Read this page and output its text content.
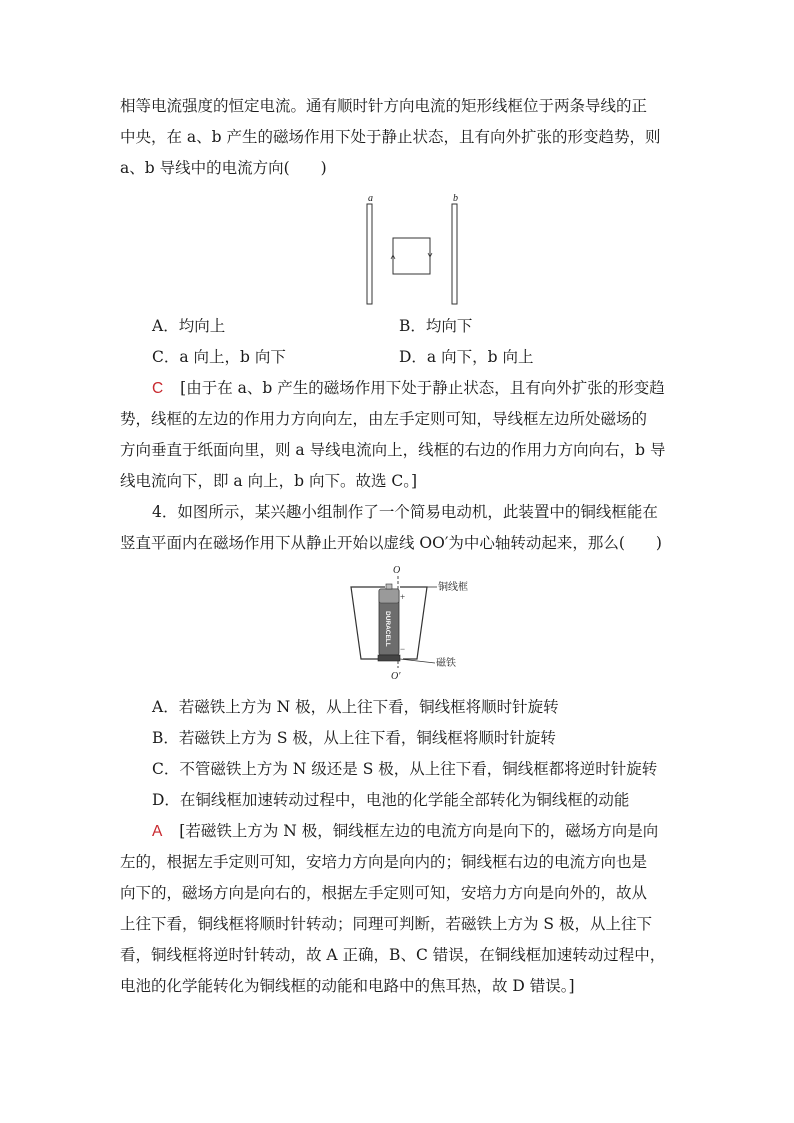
相等电流强度的恒定电流。通有顺时针方向电流的矩形线框位于两条导线的正
中央，在 a、b 产生的磁场作用下处于静止状态，且有向外扩张的形变趋势，则
a、b 导线中的电流方向(　　)
a	b
A．均向上	B．均向下
C．a 向上，b 向下	D．a 向下，b 向上
C [由于在 a、b 产生的磁场作用下处于静止状态，且有向外扩张的形变趋
势，线框的左边的作用力方向向左，由左手定则可知，导线框左边所处磁场的
方向垂直于纸面向里，则 a 导线电流向上，线框的右边的作用力方向向右，b 导
线电流向下，即 a 向上，b 向下。故选 C。]
4．如图所示，某兴趣小组制作了一个简易电动机，此装置中的铜线框能在
竖直平面内在磁场作用下从静止开始以虚线 OO′为中心轴转动起来，那么(　　)
O
O′
+
−
DURACELL
铜线框
磁铁
A．若磁铁上方为 N 极，从上往下看，铜线框将顺时针旋转
B．若磁铁上方为 S 极，从上往下看，铜线框将顺时针旋转
C．不管磁铁上方为 N 级还是 S 极，从上往下看，铜线框都将逆时针旋转
D．在铜线框加速转动过程中，电池的化学能全部转化为铜线框的动能
A [若磁铁上方为 N 极，铜线框左边的电流方向是向下的，磁场方向是向
左的，根据左手定则可知，安培力方向是向内的；铜线框右边的电流方向也是
向下的，磁场方向是向右的，根据左手定则可知，安培力方向是向外的，故从
上往下看，铜线框将顺时针转动；同理可判断，若磁铁上方为 S 极，从上往下
看，铜线框将逆时针转动，故 A 正确，B、C 错误，在铜线框加速转动过程中，
电池的化学能转化为铜线框的动能和电路中的焦耳热，故 D 错误。]
